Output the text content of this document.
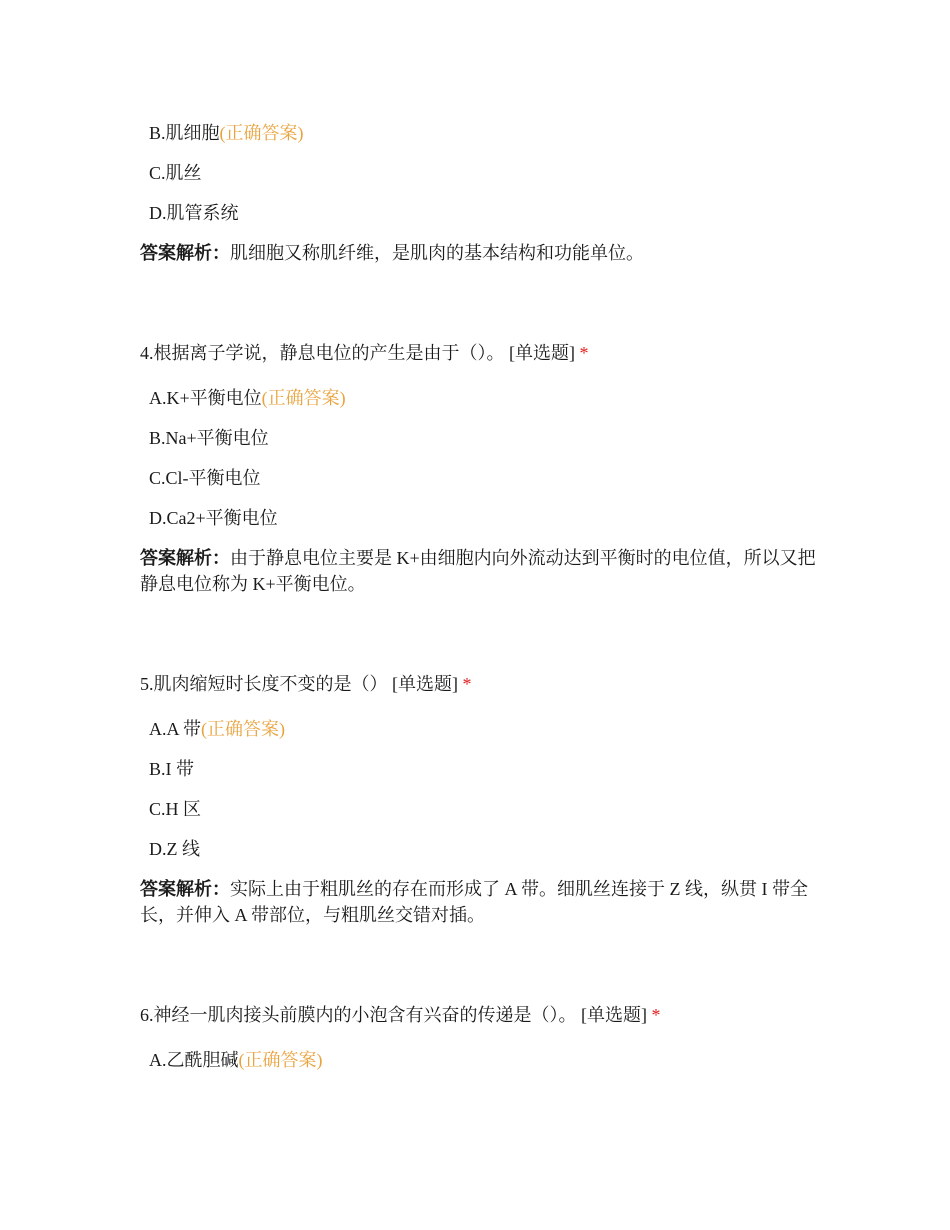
B.肌细胞(正确答案)
C.肌丝
D.肌管系统
答案解析：肌细胞又称肌纤维，是肌肉的基本结构和功能单位。
4.根据离子学说，静息电位的产生是由于（）。 [单选题] *
A.K+平衡电位(正确答案)
B.Na+平衡电位
C.Cl-平衡电位
D.Ca2+平衡电位
答案解析：由于静息电位主要是 K+由细胞内向外流动达到平衡时的电位值，所以又把静息电位称为 K+平衡电位。
5.肌肉缩短时长度不变的是（） [单选题] *
A.A 带(正确答案)
B.I 带
C.H 区
D.Z 线
答案解析：实际上由于粗肌丝的存在而形成了 A 带。细肌丝连接于 Z 线，纵贯 I 带全长，并伸入 A 带部位，与粗肌丝交错对插。
6.神经一肌肉接头前膜内的小泡含有兴奋的传递是（）。 [单选题] *
A.乙酰胆碱(正确答案)
